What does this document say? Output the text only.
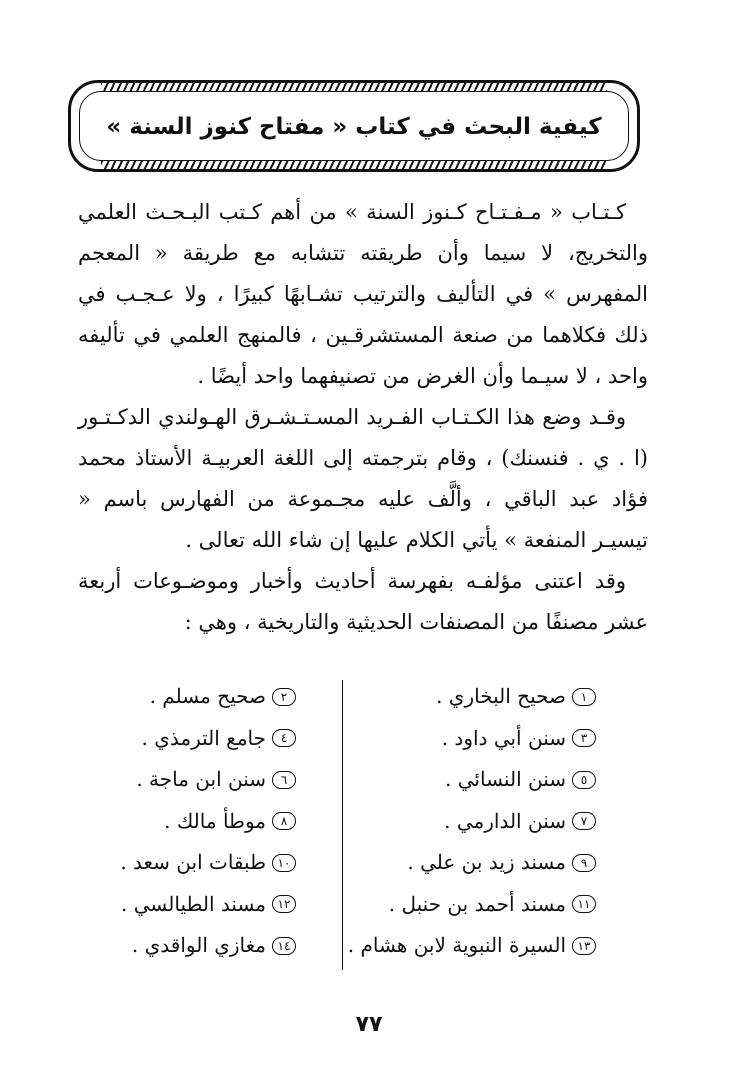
كيفية البحث في كتاب « مفتاح كنوز السنة »

كـتـاب « مـفـتـاح كـنوز السنة » من أهم كـتب البـحـث العلمي والتخريج، لا سيما وأن طريقته تتشابه مع طريقة « المعجم المفهرس » في التأليف والترتيب تشـابهًا كبيرًا ، ولا عـجـب في ذلك فكلاهما من صنعة المستشرقـين ، فالمنهج العلمي في تأليفه واحد ، لا سيـما وأن الغرض من تصنيفهما واحد أيضًا .

وقـد وضع هذا الكـتـاب الفـريد المسـتـشـرق الهـولندي الدكـتـور (ا . ي . فنسنك) ، وقام بترجمته إلى اللغة العربيـة الأستاذ محمد فؤاد عبد الباقي ، وألَّف عليه مجـموعة من الفهارس باسم « تيسيـر المنفعة » يأتي الكلام عليها إن شاء الله تعالى .

وقد اعتنى مؤلفـه بفهرسة أحاديث وأخبار وموضـوعات أربعة عشر مصنفًا من المصنفات الحديثية والتاريخية ، وهي :

١
صحيح البخاري .
٣
سنن أبي داود .
٥
سنن النسائي .
٧
سنن الدارمي .
٩
مسند زيد بن علي .
١١
مسند أحمد بن حنبل .
١٣
السيرة النبوية لابن هشام .
٢
صحيح مسلم .
٤
جامع الترمذي .
٦
سنن ابن ماجة .
٨
موطأ مالك .
١٠
طبقات ابن سعد .
١٢
مسند الطيالسي .
١٤
مغازي الواقدي .
٧٧
